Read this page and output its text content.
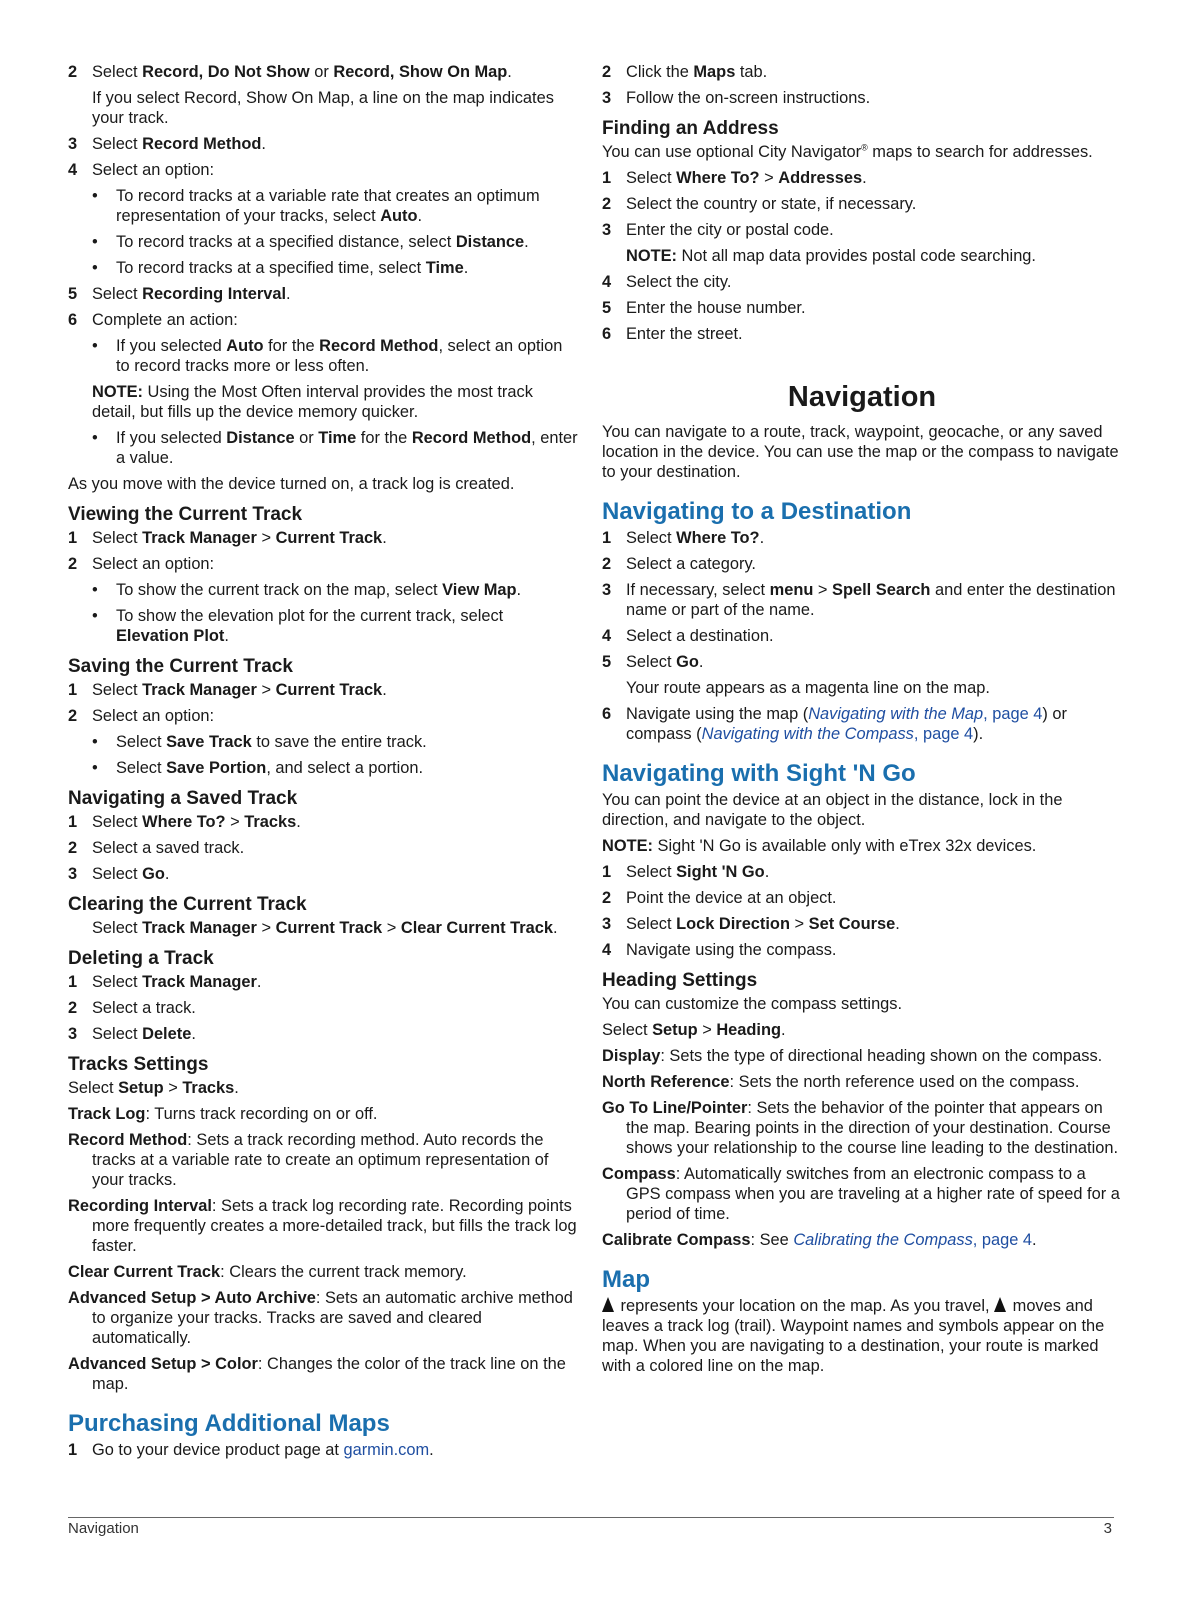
2 Select Record, Do Not Show or Record, Show On Map.
If you select Record, Show On Map, a line on the map indicates your track.
3 Select Record Method.
4 Select an option:
• To record tracks at a variable rate that creates an optimum representation of your tracks, select Auto.
• To record tracks at a specified distance, select Distance.
• To record tracks at a specified time, select Time.
5 Select Recording Interval.
6 Complete an action:
• If you selected Auto for the Record Method, select an option to record tracks more or less often.
NOTE: Using the Most Often interval provides the most track detail, but fills up the device memory quicker.
• If you selected Distance or Time for the Record Method, enter a value.
As you move with the device turned on, a track log is created.
Viewing the Current Track
1 Select Track Manager > Current Track.
2 Select an option:
• To show the current track on the map, select View Map.
• To show the elevation plot for the current track, select Elevation Plot.
Saving the Current Track
1 Select Track Manager > Current Track.
2 Select an option:
• Select Save Track to save the entire track.
• Select Save Portion, and select a portion.
Navigating a Saved Track
1 Select Where To? > Tracks.
2 Select a saved track.
3 Select Go.
Clearing the Current Track
Select Track Manager > Current Track > Clear Current Track.
Deleting a Track
1 Select Track Manager.
2 Select a track.
3 Select Delete.
Tracks Settings
Select Setup > Tracks.
Track Log: Turns track recording on or off.
Record Method: Sets a track recording method. Auto records the tracks at a variable rate to create an optimum representation of your tracks.
Recording Interval: Sets a track log recording rate. Recording points more frequently creates a more-detailed track, but fills the track log faster.
Clear Current Track: Clears the current track memory.
Advanced Setup > Auto Archive: Sets an automatic archive method to organize your tracks. Tracks are saved and cleared automatically.
Advanced Setup > Color: Changes the color of the track line on the map.
Purchasing Additional Maps
1 Go to your device product page at garmin.com.
2 Click the Maps tab.
3 Follow the on-screen instructions.
Finding an Address
You can use optional City Navigator® maps to search for addresses.
1 Select Where To? > Addresses.
2 Select the country or state, if necessary.
3 Enter the city or postal code.
NOTE: Not all map data provides postal code searching.
4 Select the city.
5 Enter the house number.
6 Enter the street.
Navigation
You can navigate to a route, track, waypoint, geocache, or any saved location in the device. You can use the map or the compass to navigate to your destination.
Navigating to a Destination
1 Select Where To?.
2 Select a category.
3 If necessary, select menu > Spell Search and enter the destination name or part of the name.
4 Select a destination.
5 Select Go.
Your route appears as a magenta line on the map.
6 Navigate using the map (Navigating with the Map, page 4) or compass (Navigating with the Compass, page 4).
Navigating with Sight 'N Go
You can point the device at an object in the distance, lock in the direction, and navigate to the object.
NOTE: Sight 'N Go is available only with eTrex 32x devices.
1 Select Sight 'N Go.
2 Point the device at an object.
3 Select Lock Direction > Set Course.
4 Navigate using the compass.
Heading Settings
You can customize the compass settings.
Select Setup > Heading.
Display: Sets the type of directional heading shown on the compass.
North Reference: Sets the north reference used on the compass.
Go To Line/Pointer: Sets the behavior of the pointer that appears on the map. Bearing points in the direction of your destination. Course shows your relationship to the course line leading to the destination.
Compass: Automatically switches from an electronic compass to a GPS compass when you are traveling at a higher rate of speed for a period of time.
Calibrate Compass: See Calibrating the Compass, page 4.
Map
represents your location on the map. As you travel,  moves and leaves a track log (trail). Waypoint names and symbols appear on the map. When you are navigating to a destination, your route is marked with a colored line on the map.
Navigation	3
